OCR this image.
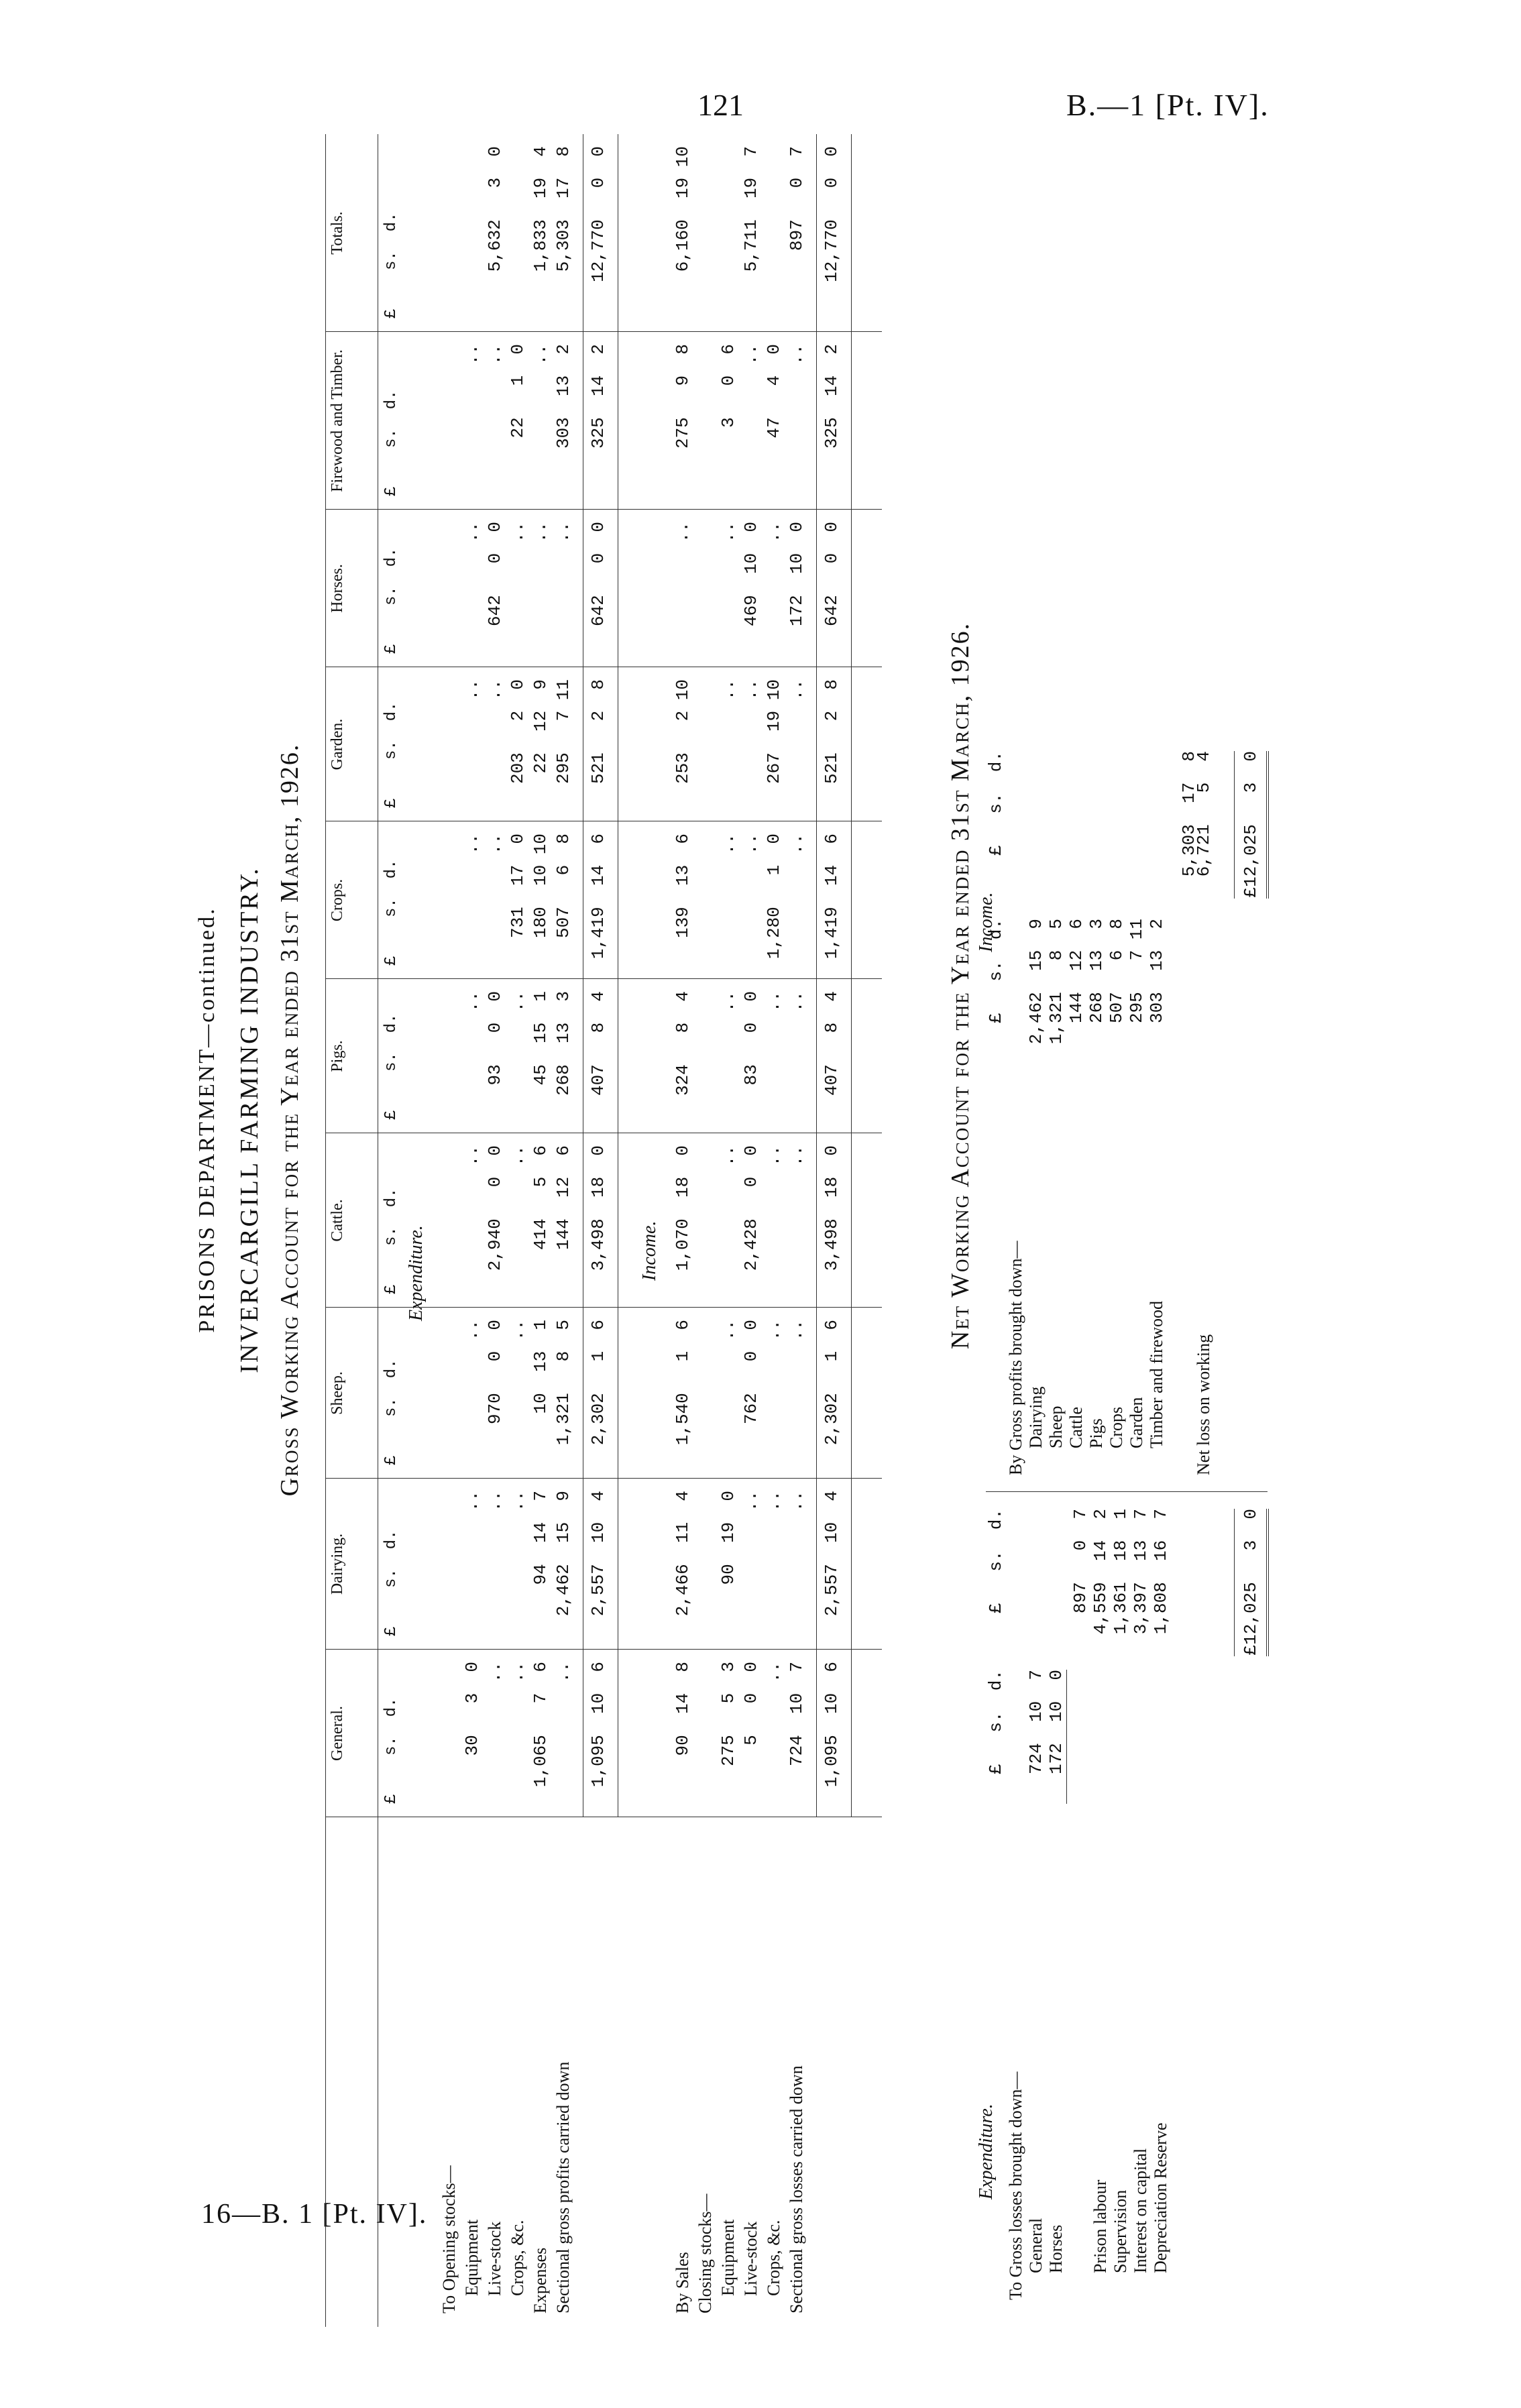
121	B.—1 [Pt. IV].
16—B. 1 [Pt. IV].
PRISONS DEPARTMENT—continued. INVERCARGILL FARMING INDUSTRY. Gross Working Account for the Year ended 31st March, 1926.
General. £    s.  d.
Dairying. £    s.  d.
Sheep. £    s.  d.
Cattle. £    s.  d.
Pigs. £    s.  d.
Crops. £    s.  d.
Garden. £    s.  d.
Horses. £    s.  d.
Firewood and Timber. £    s.  d.
Totals. £    s.  d.
Expenditure.
To Opening stocks— Equipment
30   3  0
..
..
..
..
..
..
..
..
Live-stock
..
..
970   0  0
2,940   0  0
93   0  0
..
..
642   0  0
..
5,632   3  0
Crops, &c.
..
..
..
..
..
731  17  0
203   2  0
..
22   1  0
Expenses
1,065   7  6
94  14  7
10  13  1
414   5  6
45  15  1
180  10 10
22  12  9
..
..
1,833  19  4
Sectional gross profits carried down
..
2,462  15  9
1,321   8  5
144  12  6
268  13  3
507   6  8
295   7 11
..
303  13  2
5,303  17  8
1,095  10  6
2,557  10  4
2,302   1  6
3,498  18  0
407   8  4
1,419  14  6
521   2  8
642   0  0
325  14  2
12,770   0  0
Income.
By Sales
90  14  8
2,466  11  4
1,540   1  6
1,070  18  0
324   8  4
139  13  6
253   2 10
..
275   9  8
6,160  19 10
Closing stocks— Equipment
275   5  3
90  19  0
..
..
..
..
..
..
3   0  6
Live-stock
5   0  0
..
762   0  0
2,428   0  0
83   0  0
..
..
469  10  0
..
5,711  19  7
Crops, &c.
..
..
..
..
..
1,280   1  0
267  19 10
..
47   4  0
Sectional gross losses carried down
724  10  7
..
..
..
..
..
..
172  10  0
..
897   0  7
1,095  10  6
2,557  10  4
2,302   1  6
3,498  18  0
407   8  4
1,419  14  6
521   2  8
642   0  0
325  14  2
12,770   0  0
Net Working Account for the Year ended 31st March, 1926.
Expenditure.
Income.
£   s.  d.
£   s.  d.
To Gross losses brought down— General
724  10  7
Horses
172  10  0
897   0  7
Prison labour
4,559  14  2
Supervision
1,361  18  1
Interest on capital
3,397  13  7
Depreciation Reserve
1,808  16  7	£12,025   3  0
£   s.  d.
£   s.  d.
By Gross profits brought down— Dairying
2,462  15  9
Sheep
1,321   8  5
Cattle
144  12  6
Pigs
268  13  3
Crops
507   6  8
Garden
295   7 11
Timber and firewood
303  13  2
5,303  17  8
Net loss on working
6,721   5  4 £12,025   3  0
